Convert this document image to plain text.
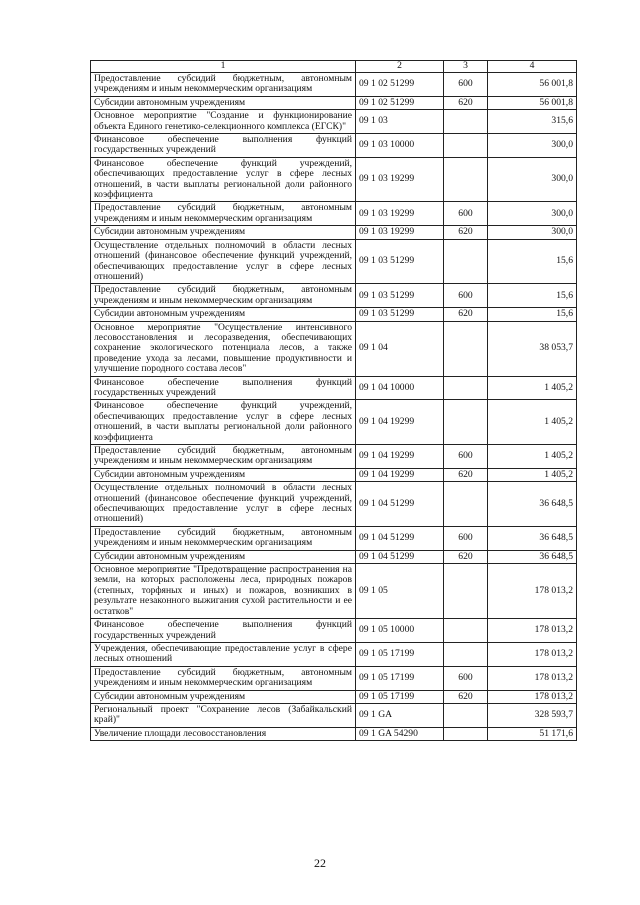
1	2	3	4
Предоставление субсидий бюджетным, автономным учреждениям и иным некоммерческим организациям	09 1 02 51299	600	56 001,8
Субсидии автономным учреждениям	09 1 02 51299	620	56 001,8
Основное мероприятие "Создание и функционирование объекта Единого генетико-селекционного комплекса (ЕГСК)"	09 1 03		315,6
Финансовое обеспечение выполнения функций государственных учреждений	09 1 03 10000		300,0
Финансовое обеспечение функций учреждений, обеспечивающих предоставление услуг в сфере лесных отношений, в части выплаты региональной доли районного коэффициента	09 1 03 19299		300,0
Предоставление субсидий бюджетным, автономным учреждениям и иным некоммерческим организациям	09 1 03 19299	600	300,0
Субсидии автономным учреждениям	09 1 03 19299	620	300,0
Осуществление отдельных полномочий в области лесных отношений (финансовое обеспечение функций учреждений, обеспечивающих предоставление услуг в сфере лесных отношений)	09 1 03 51299		15,6
Предоставление субсидий бюджетным, автономным учреждениям и иным некоммерческим организациям	09 1 03 51299	600	15,6
Субсидии автономным учреждениям	09 1 03 51299	620	15,6
Основное мероприятие "Осуществление интенсивного лесовосстановления и лесоразведения, обеспечивающих сохранение экологического потенциала лесов, а также проведение ухода за лесами, повышение продуктивности и улучшение породного состава лесов"	09 1 04		38 053,7
Финансовое обеспечение выполнения функций государственных учреждений	09 1 04 10000		1 405,2
Финансовое обеспечение функций учреждений, обеспечивающих предоставление услуг в сфере лесных отношений, в части выплаты региональной доли районного коэффициента	09 1 04 19299		1 405,2
Предоставление субсидий бюджетным, автономным учреждениям и иным некоммерческим организациям	09 1 04 19299	600	1 405,2
Субсидии автономным учреждениям	09 1 04 19299	620	1 405,2
Осуществление отдельных полномочий в области лесных отношений (финансовое обеспечение функций учреждений, обеспечивающих предоставление услуг в сфере лесных отношений)	09 1 04 51299		36 648,5
Предоставление субсидий бюджетным, автономным учреждениям и иным некоммерческим организациям	09 1 04 51299	600	36 648,5
Субсидии автономным учреждениям	09 1 04 51299	620	36 648,5
Основное мероприятие "Предотвращение распространения на земли, на которых расположены леса, природных пожаров (степных, торфяных и иных) и пожаров, возникших в результате незаконного выжигания сухой растительности и ее остатков"	09 1 05		178 013,2
Финансовое обеспечение выполнения функций государственных учреждений	09 1 05 10000		178 013,2
Учреждения, обеспечивающие предоставление услуг в сфере лесных отношений	09 1 05 17199		178 013,2
Предоставление субсидий бюджетным, автономным учреждениям и иным некоммерческим организациям	09 1 05 17199	600	178 013,2
Субсидии автономным учреждениям	09 1 05 17199	620	178 013,2
Региональный проект "Сохранение лесов (Забайкальский край)"	09 1 GA		328 593,7
Увеличение площади лесовосстановления	09 1 GA 54290		51 171,6
22
